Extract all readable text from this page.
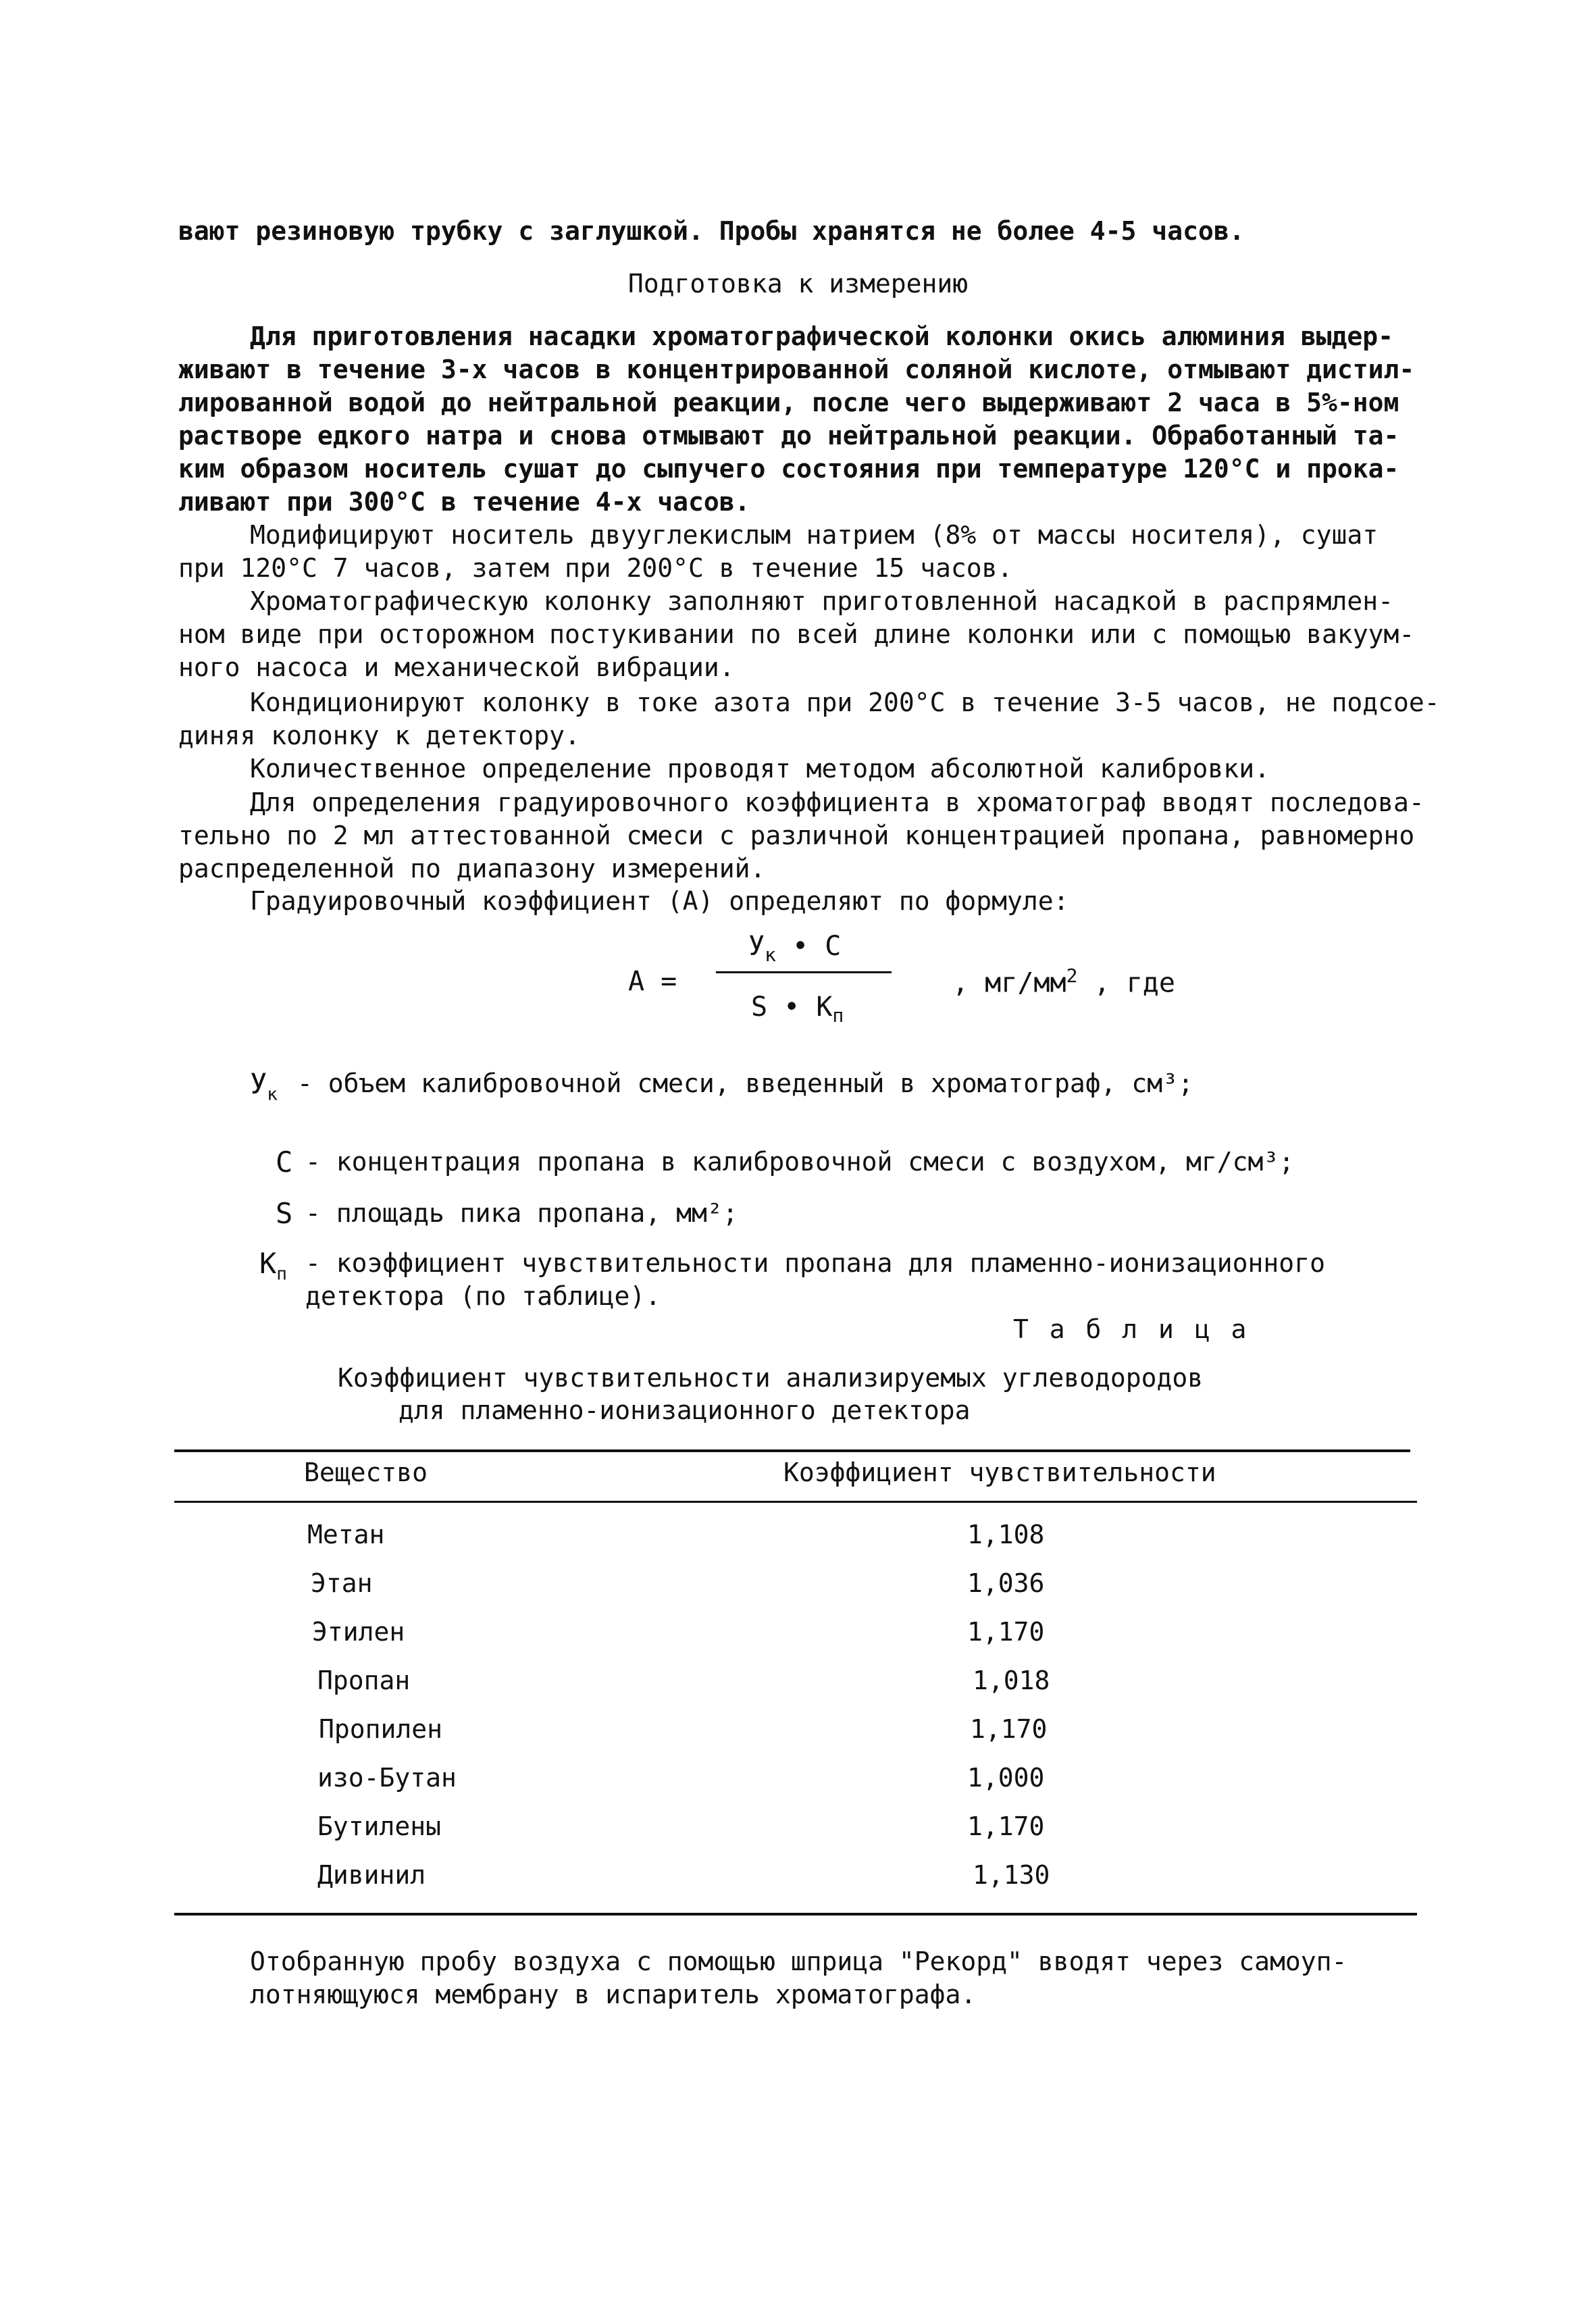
вают резиновую трубку с заглушкой. Пробы хранятся не более 4-5 часов.

Подготовка к измерению

Для приготовления насадки хроматографической колонки окись алюминия выдер-
живают в течение 3-х часов в концентрированной соляной кислоте, отмывают дистил-
лированной водой до нейтральной реакции, после чего выдерживают 2 часа в 5%-ном
растворе едкого натра и снова отмывают до нейтральной реакции. Обработанный та-
ким образом носитель сушат до сыпучего состояния при температуре 120°С и прока-
ливают при 300°С в течение 4-х часов.

Модифицируют носитель двууглекислым натрием (8% от массы носителя), сушат
при 120°С 7 часов, затем при 200°С в течение 15 часов.

Хроматографическую колонку заполняют приготовленной насадкой в распрямлен-
ном виде при осторожном постукивании по всей длине колонки или с помощью вакуум-
ного насоса и механической вибрации.

Кондиционируют колонку в токе азота при 200°С в течение 3-5 часов, не подсое-
диняя колонку к детектору.

Количественное определение проводят методом абсолютной калибровки.

Для определения градуировочного коэффициента в хроматограф вводят последова-
тельно по 2 мл аттестованной смеси с различной концентрацией пропана, равномерно
распределенной по диапазону измерений.

Градуировочный коэффициент (А) определяют по формуле:

А =
$У_к$ • С
S • $К_п$
, $мг/мм^2$ , где
$У_к$ - объем калибровочной смеси, введенный в хроматограф, см³;
С - концентрация пропана в калибровочной смеси с воздухом, мг/см³;
S - площадь пика пропана, мм²;
$К_п$ - коэффициент чувствительности пропана для пламенно-ионизационного
детектора (по таблице).
Т а б л и ц а
Коэффициент чувствительности анализируемых углеводородов
для пламенно-ионизационного детектора
Вещество	Коэффициент чувствительности
Метан	1,108
Этан	1,036
Этилен	1,170
Пропан	1,018
Пропилен	1,170
изо-Бутан	1,000
Бутилены	1,170
Дивинил	1,130

Отобранную пробу воздуха с помощью шприца "Рекорд" вводят через самоуп-
лотняющуюся мембрану в испаритель хроматографа.
